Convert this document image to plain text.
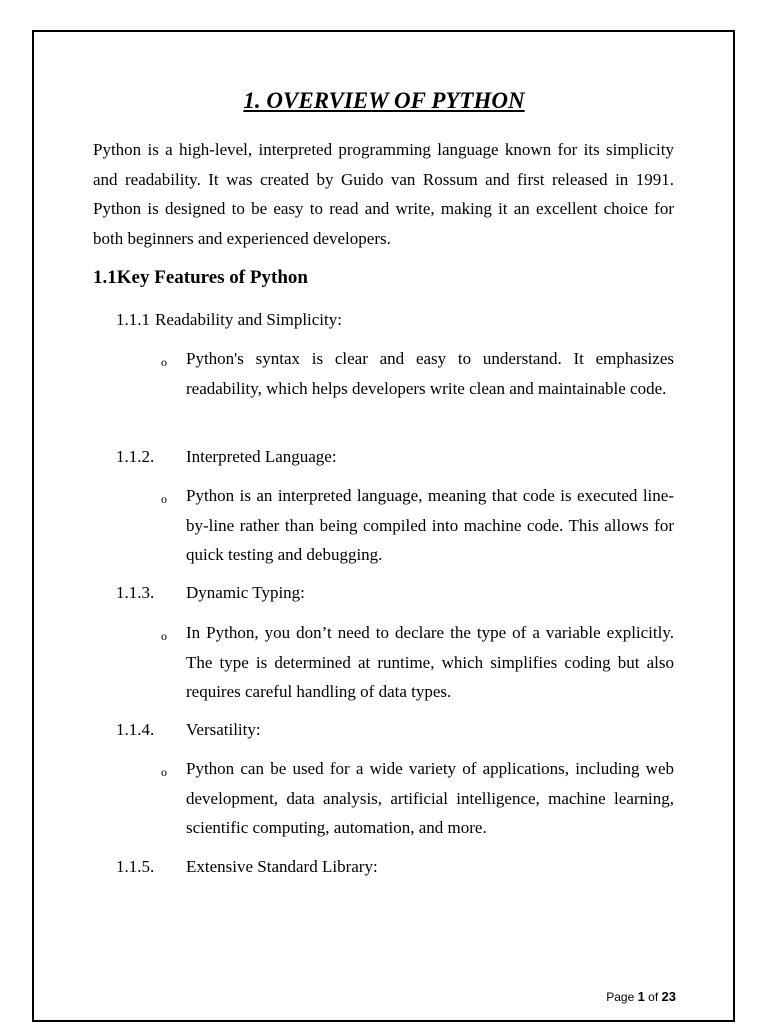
1. OVERVIEW OF PYTHON

Python is a high-level, interpreted programming language known for its simplicity and readability. It was created by Guido van Rossum and first released in 1991. Python is designed to be easy to read and write, making it an excellent choice for both beginners and experienced developers.

1.1Key Features of Python

1.1.1 Readability and Simplicity:

o Python's syntax is clear and easy to understand. It emphasizes readability, which helps developers write clean and maintainable code.

1.1.2. Interpreted Language:

o Python is an interpreted language, meaning that code is executed line-by-line rather than being compiled into machine code. This allows for quick testing and debugging.

1.1.3. Dynamic Typing:

o In Python, you don’t need to declare the type of a variable explicitly. The type is determined at runtime, which simplifies coding but also requires careful handling of data types.

1.1.4. Versatility:

o Python can be used for a wide variety of applications, including web development, data analysis, artificial intelligence, machine learning, scientific computing, automation, and more.

1.1.5. Extensive Standard Library:

Page 1 of 23
